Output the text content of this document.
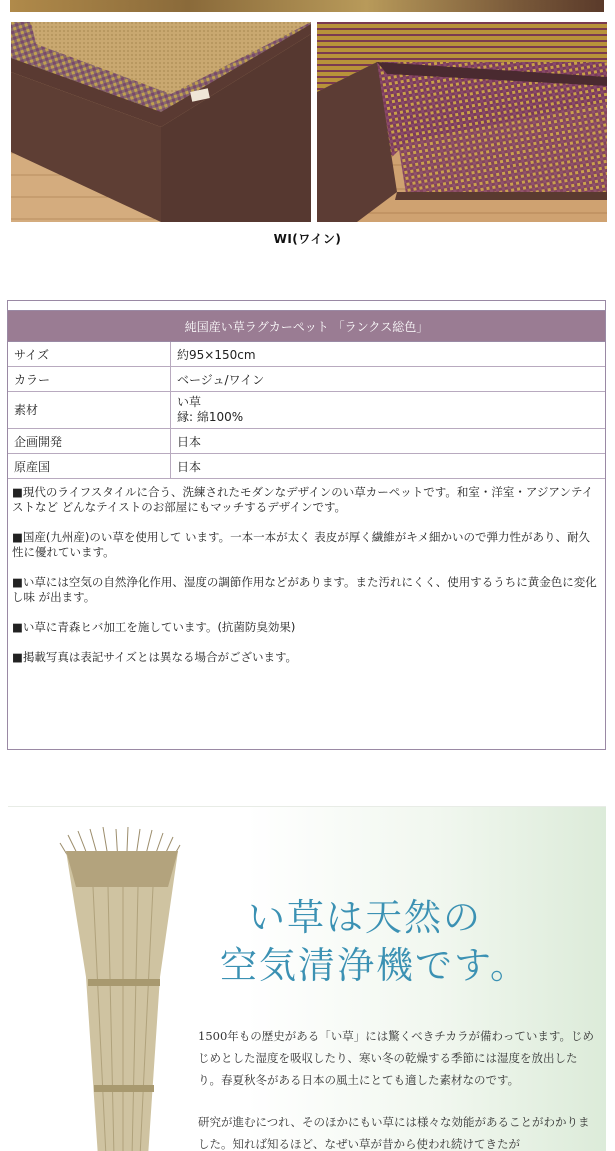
WI(ワイン)
純国産い草ラグカーペット 「ランクス総色」
サイズ	約95×150cm
カラー	ベージュ/ワイン
素材	い草
縁: 綿100%

企画開発	日本
原産国	日本

■現代のライフスタイルに合う、洗練されたモダンなデザインのい草カーペットです。和室・洋室・アジアンテイストなど どんなテイストのお部屋にもマッチするデザインです。

■国産(九州産)のい草を使用して います。一本一本が太く 表皮が厚く繊維がキメ細かいので弾力性があり、耐久 性に優れています。

■い草には空気の自然浄化作用、湿度の調節作用などがあります。また汚れにくく、使用するうちに黄金色に変化し味 が出ます。

■い草に青森ヒバ加工を施しています。(抗菌防臭効果)

■掲載写真は表記サイズとは異なる場合がございます。

い草は天然の
空気清浄機です。
1500年もの歴史がある「い草」には驚くべきチカラが備わっています。じめじめとした湿度を吸収したり、寒い冬の乾燥する季節には湿度を放出したり。春夏秋冬がある日本の風土にとても適した素材なのです。
研究が進むにつれ、そのほかにもい草には様々な効能があることがわかりました。知れば知るほど、なぜい草が昔から使われ続けてきたが
